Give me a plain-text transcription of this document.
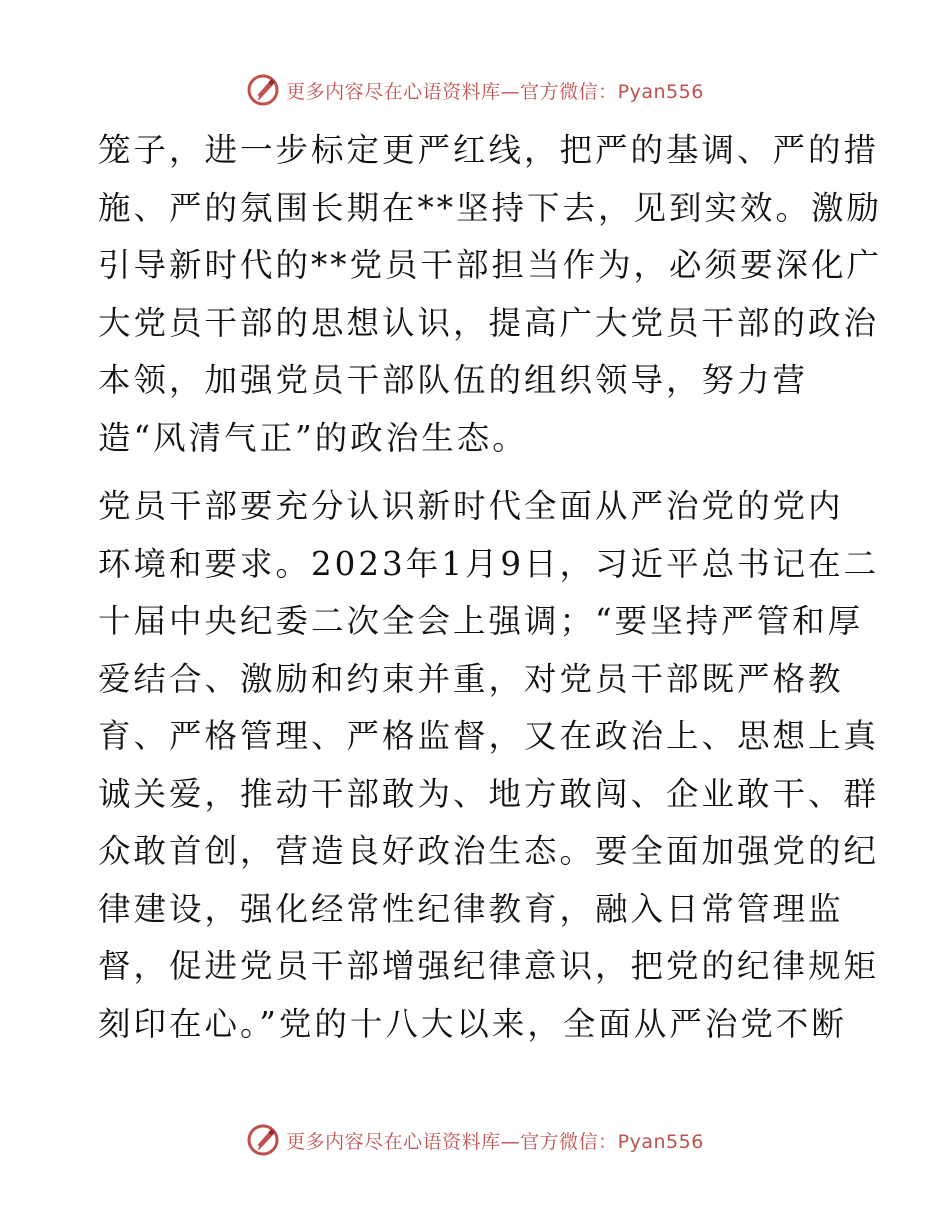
更多内容尽在心语资料库—官方微信：Pyan556
笼子，进一步标定更严红线，把严的基调、严的措
施、严的氛围长期在**坚持下去，见到实效。激励
引导新时代的**党员干部担当作为，必须要深化广
大党员干部的思想认识，提高广大党员干部的政治
本领，加强党员干部队伍的组织领导，努力营
造“风清气正”的政治生态。
党员干部要充分认识新时代全面从严治党的党内
环境和要求。2023年1月9日，习近平总书记在二
十届中央纪委二次全会上强调；“要坚持严管和厚
爱结合、激励和约束并重，对党员干部既严格教
育、严格管理、严格监督，又在政治上、思想上真
诚关爱，推动干部敢为、地方敢闯、企业敢干、群
众敢首创，营造良好政治生态。要全面加强党的纪
律建设，强化经常性纪律教育，融入日常管理监
督，促进党员干部增强纪律意识，把党的纪律规矩
刻印在心。”党的十八大以来，全面从严治党不断
更多内容尽在心语资料库—官方微信：Pyan556
